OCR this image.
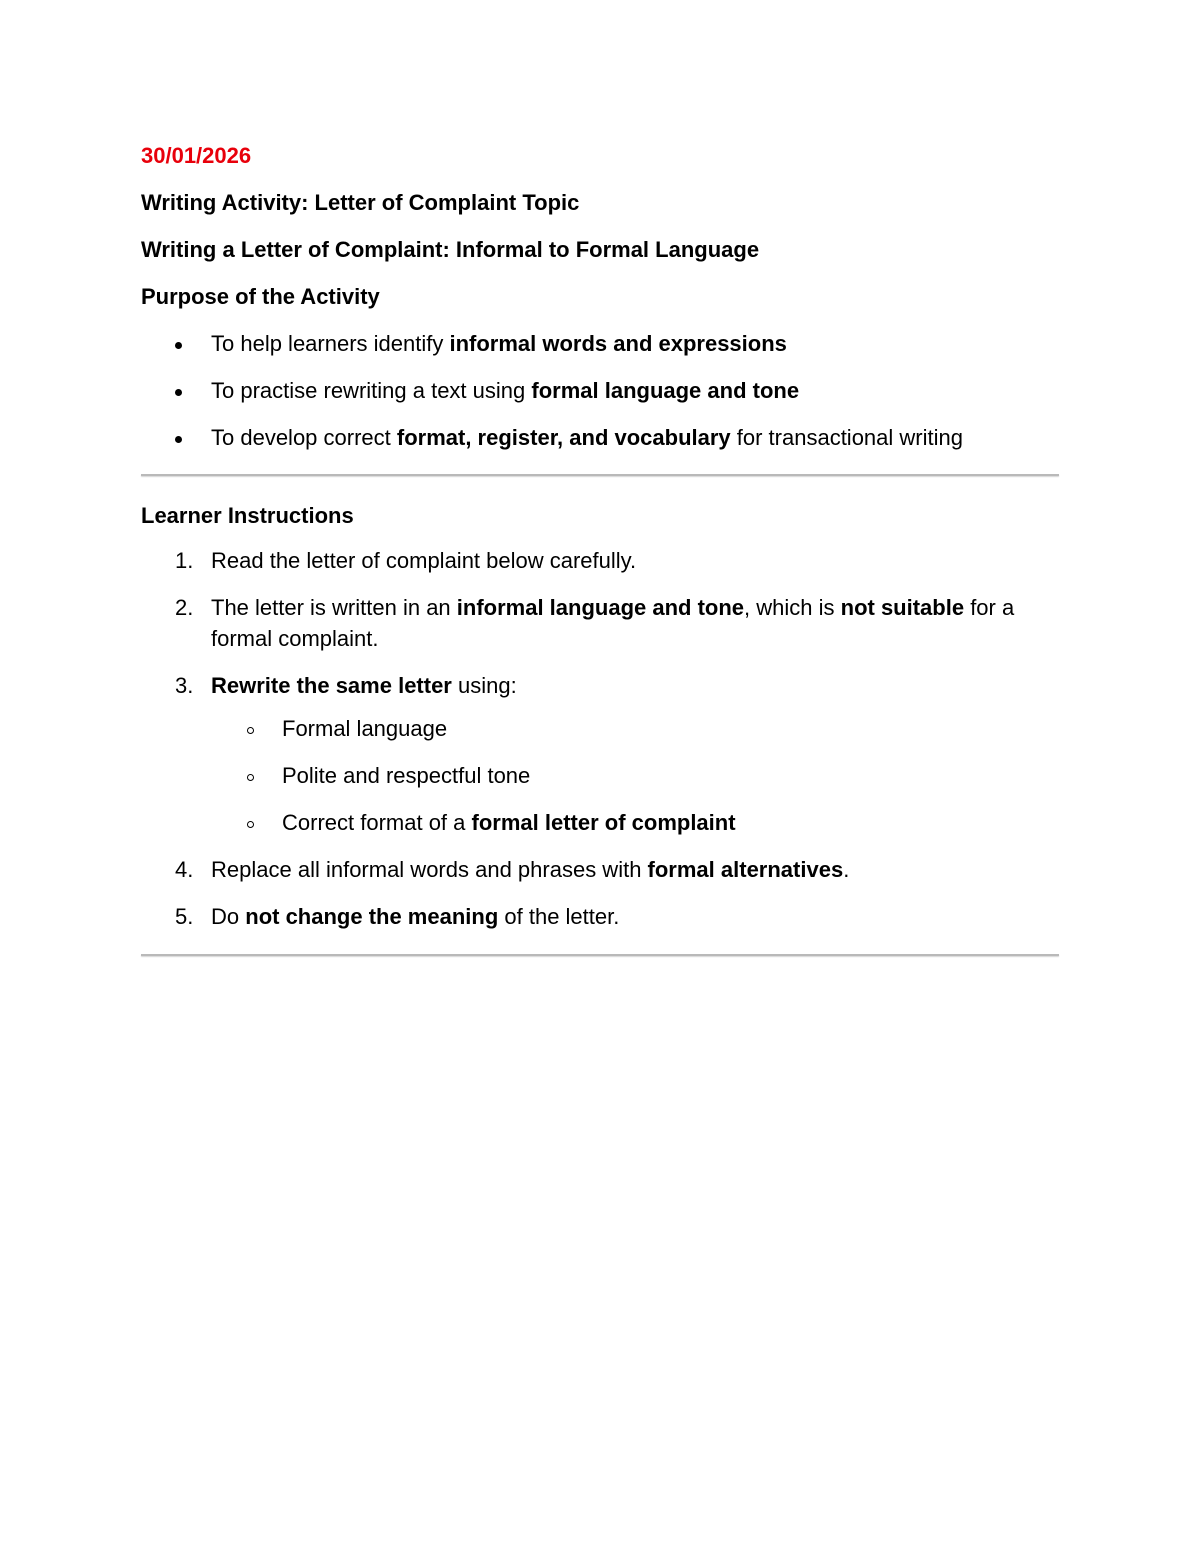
30/01/2026

Writing Activity: Letter of Complaint Topic

Writing a Letter of Complaint: Informal to Formal Language

Purpose of the Activity

To help learners identify informal words and expressions
To practise rewriting a text using formal language and tone
To develop correct format, register, and vocabulary for transactional writing

Learner Instructions

1. Read the letter of complaint below carefully.
2. The letter is written in an informal language and tone, which is not suitable for a formal complaint.
3. Rewrite the same letter using:
Formal language
Polite and respectful tone
Correct format of a formal letter of complaint
4. Replace all informal words and phrases with formal alternatives.
5. Do not change the meaning of the letter.
